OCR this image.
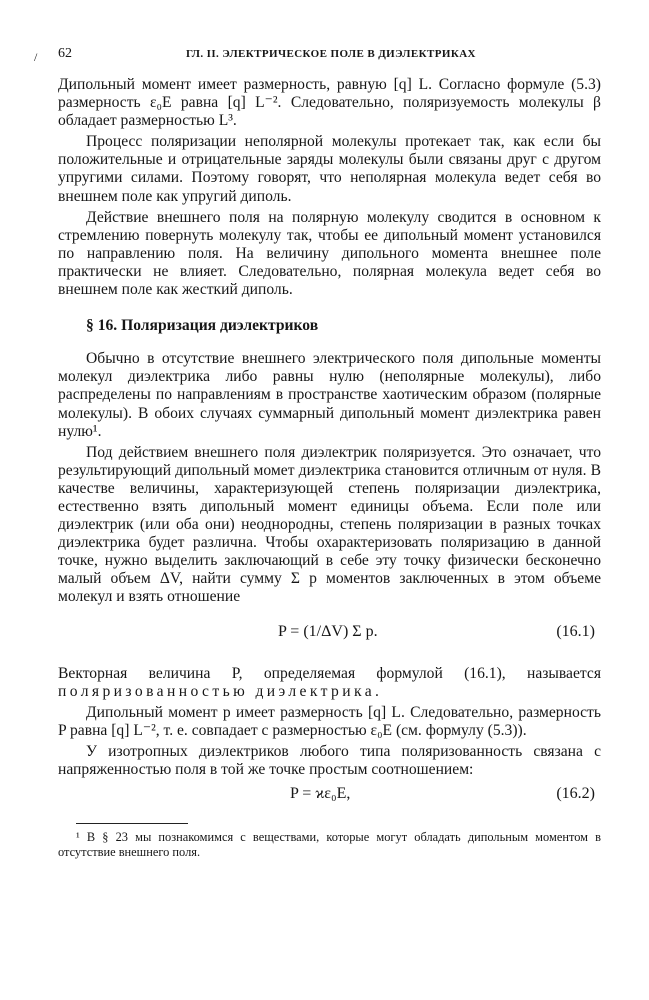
/ 62	ГЛ. II. ЭЛЕКТРИЧЕСКОЕ ПОЛЕ В ДИЭЛЕКТРИКАХ

Дипольный момент имеет размерность, равную [q] L. Согласно формуле (5.3) размерность ε₀E равна [q] L⁻². Следовательно, поляризуемость молекулы β обладает размерностью L³.

Процесс поляризации неполярной молекулы протекает так, как если бы положительные и отрицательные заряды молекулы были связаны друг с другом упругими силами. Поэтому говорят, что неполярная молекула ведет себя во внешнем поле как упругий диполь.

Действие внешнего поля на полярную молекулу сводится в основном к стремлению повернуть молекулу так, чтобы ее дипольный момент установился по направлению поля. На величину дипольного момента внешнее поле практически не влияет. Следовательно, полярная молекула ведет себя во внешнем поле как жесткий диполь.

§ 16. Поляризация диэлектриков

Обычно в отсутствие внешнего электрического поля дипольные моменты молекул диэлектрика либо равны нулю (неполярные молекулы), либо распределены по направлениям в пространстве хаотическим образом (полярные молекулы). В обоих случаях суммарный дипольный момент диэлектрика равен нулю¹.

Под действием внешнего поля диэлектрик поляризуется. Это означает, что результирующий дипольный момет диэлектрика становится отличным от нуля. В качестве величины, характеризующей степень поляризации диэлектрика, естественно взять дипольный момент единицы объема. Если поле или диэлектрик (или оба они) неоднородны, степень поляризации в разных точках диэлектрика будет различна. Чтобы охарактеризовать поляризацию в данной точке, нужно выделить заключающий в себе эту точку физически бесконечно малый объем ΔV, найти сумму Σ p моментов заключенных в этом объеме молекул и взять отношение

P = (1/ΔV) Σ p.	(16.1)

Векторная величина P, определяемая формулой (16.1), называется поляризованностью диэлектрика.

Дипольный момент p имеет размерность [q] L. Следовательно, размерность P равна [q] L⁻², т. е. совпадает с размерностью ε₀E (см. формулу (5.3)).

У изотропных диэлектриков любого типа поляризованность связана с напряженностью поля в той же точке простым соотношением:

P = ϰε₀E,	(16.2)

¹ В § 23 мы познакомимся с веществами, которые могут обладать дипольным моментом в отсутствие внешнего поля.
